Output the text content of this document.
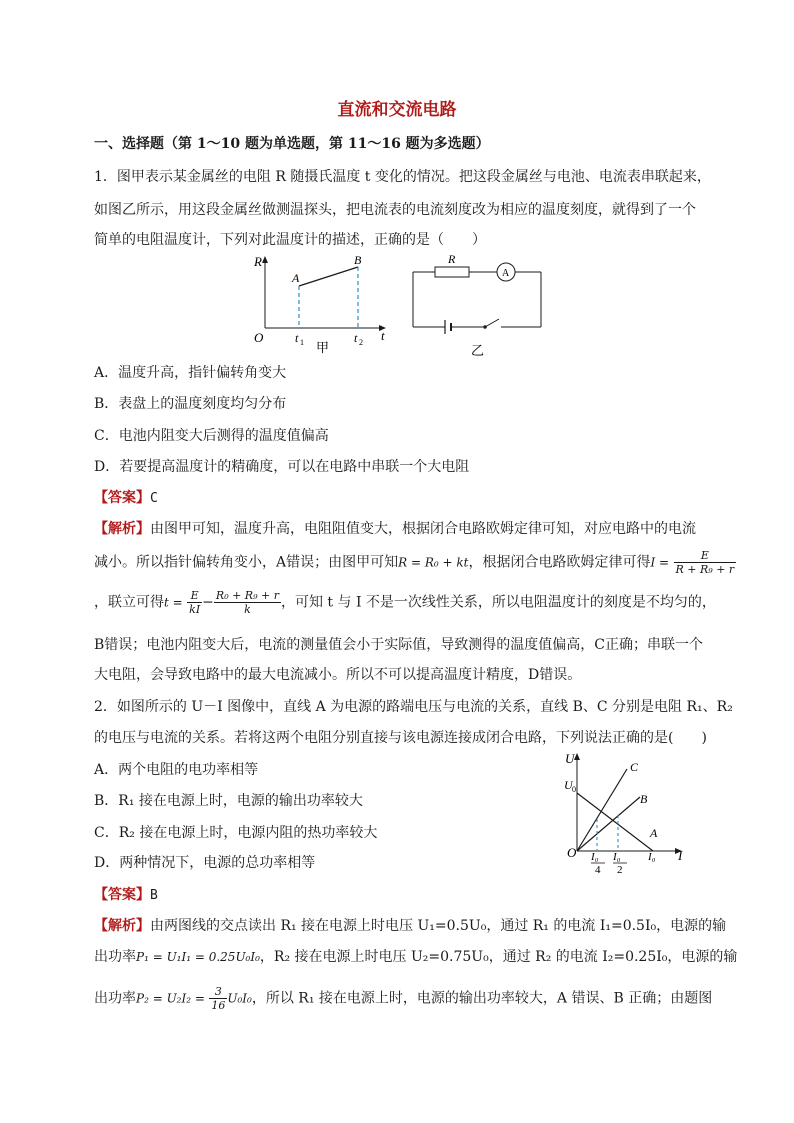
直流和交流电路
一、选择题（第 1～10 题为单选题，第 11～16 题为多选题）
1．图甲表示某金属丝的电阻 R 随摄氏温度 t 变化的情况。把这段金属丝与电池、电流表串联起来，
如图乙所示，用这段金属丝做测温探头，把电流表的电流刻度改为相应的温度刻度，就得到了一个
简单的电阻温度计，下列对此温度计的描述，正确的是（　　）
R
A
B
O	t 1	t 2 t
甲
R
A
乙
A．温度升高，指针偏转角变大
B．表盘上的温度刻度均匀分布
C．电池内阻变大后测得的温度值偏高
D．若要提高温度计的精确度，可以在电路中串联一个大电阻
【答案】C
【解析】由图甲可知，温度升高，电阻阻值变大，根据闭合电路欧姆定律可知，对应电路中的电流
减小。所以指针偏转角变小，A错误；由图甲可知R = R₀ + kt，根据闭合电路欧姆定律可得$I = \frac{E}{\text{R + R₉ + r}}$
，联立可得$t = \frac{E}{kI} - \frac{\text{R₀ + R₉ + r}}{k}$ ，可知 t 与 I 不是一次线性关系，所以电阻温度计的刻度是不均匀的，
B错误；电池内阻变大后，电流的测量值会小于实际值，导致测得的温度值偏高，C正确；串联一个
大电阻，会导致电路中的最大电流减小。所以不可以提高温度计精度，D错误。
2．如图所示的 U－I 图像中，直线 A 为电源的路端电压与电流的关系，直线 B、C 分别是电阻 R₁、R₂
的电压与电流的关系。若将这两个电阻分别直接与该电源连接成闭合电路，下列说法正确的是(　　)
A．两个电阻的电功率相等
B．R₁ 接在电源上时，电源的输出功率较大
C．R₂ 接在电源上时，电源内阻的热功率较大
D．两种情况下，电源的总功率相等
U
C
U 0
B
A
O I₀
4
I₀
2
I₀ I
【答案】B
【解析】由两图线的交点读出 R₁ 接在电源上时电压 U₁=0.5U₀，通过 R₁ 的电流 I₁=0.5I₀，电源的输
出功率P₁ = U₁I₁ = 0.25U₀I₀，R₂ 接在电源上时电压 U₂=0.75U₀，通过 R₂ 的电流 I₂=0.25I₀，电源的输
出功率$P_2 = U_2I_2 = \frac{3}{16} U_0I_0$，所以 R₁ 接在电源上时，电源的输出功率较大，A 错误、B 正确；由题图
